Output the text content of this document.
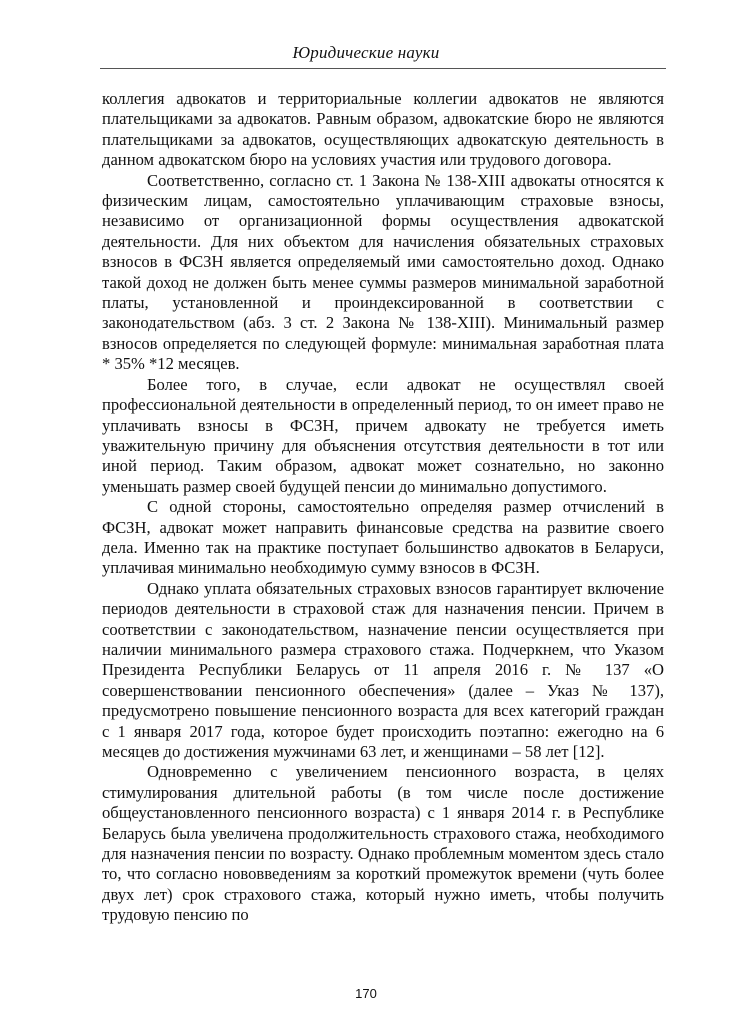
Юридические науки

коллегия адвокатов и территориальные коллегии адвокатов не являются плательщиками за адвокатов. Равным образом, адвокатские бюро не являются плательщиками за адвокатов, осуществляющих адвокатскую деятельность в данном адвокатском бюро на условиях участия или трудового договора.

Соответственно, согласно ст. 1 Закона № 138-XIII адвокаты относятся к физическим лицам, самостоятельно уплачивающим страховые взносы, независимо от организационной формы осуществления адвокатской деятельности. Для них объектом для начисления обязательных страховых взносов в ФСЗН является определяемый ими самостоятельно доход. Однако такой доход не должен быть менее суммы размеров минимальной заработной платы, установленной и проиндексированной в соответствии с законодательством (абз. 3 ст. 2 Закона № 138-XIII). Минимальный размер взносов определяется по следующей формуле: минимальная заработная плата * 35% *12 месяцев.

Более того, в случае, если адвокат не осуществлял своей профессиональной деятельности в определенный период, то он имеет право не уплачивать взносы в ФСЗН, причем адвокату не требуется иметь уважительную причину для объяснения отсутствия деятельности в тот или иной период. Таким образом, адвокат может сознательно, но законно уменьшать размер своей будущей пенсии до минимально допустимого.

С одной стороны, самостоятельно определяя размер отчислений в ФСЗН, адвокат может направить финансовые средства на развитие своего дела. Именно так на практике поступает большинство адвокатов в Беларуси, уплачивая минимально необходимую сумму взносов в ФСЗН.

Однако уплата обязательных страховых взносов гарантирует включение периодов деятельности в страховой стаж для назначения пенсии. Причем в соответствии с законодательством, назначение пенсии осуществляется при наличии минимального размера страхового стажа. Подчеркнем, что Указом Президента Республики Беларусь от 11 апреля 2016 г. № 137 «О совершенствовании пенсионного обеспечения» (далее – Указ № 137), предусмотрено повышение пенсионного возраста для всех категорий граждан с 1 января 2017 года, которое будет происходить поэтапно: ежегодно на 6 месяцев до достижения мужчинами 63 лет, и женщинами – 58 лет [12].

Одновременно с увеличением пенсионного возраста, в целях стимулирования длительной работы (в том числе после достижение общеустановленного пенсионного возраста) с 1 января 2014 г. в Республике Беларусь была увеличена продолжительность страхового стажа, необходимого для назначения пенсии по возрасту. Однако проблемным моментом здесь стало то, что согласно нововведениям за короткий промежуток времени (чуть более двух лет) срок страхового стажа, который нужно иметь, чтобы получить трудовую пенсию по

170
